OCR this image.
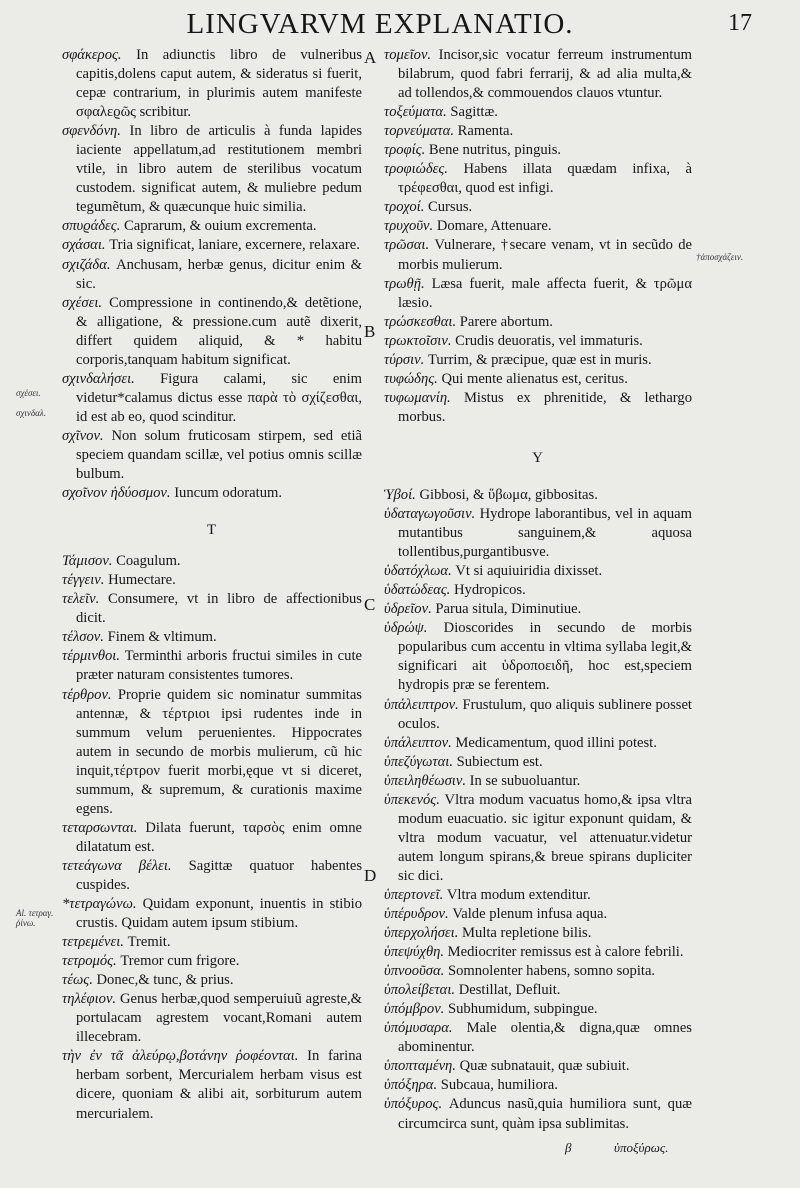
LINGVARVM EXPLANATIO.	17
A
B
C
D
σχέσει.
σχινδαλ.
Al. τετραγ. ῥίνω.
†ἀποσχάζειν.
σφάκερος. In adiunctis libro de vulneribus capitis,dolens caput autem, & sideratus si fuerit, cepæ contrarium, in plurimis autem manifeste σφαλεϱῶς scribitur.
σφενδόνη. In libro de articulis à funda lapides iaciente appellatum,ad restitutionem membri vtile, in libro autem de sterilibus vocatum custodem. significat autem, & muliebre pedum tegumẽtum, & quæcunque huic similia.
σπυϱάδες. Caprarum, & ouium excrementa.
σχάσαι. Tria significat, laniare, excernere, relaxare.
σχιζάδα. Anchusam, herbæ genus, dicitur enim & sic.
σχέσει. Compressione in continendo,& detẽtione, & alligatione, & pressione.cum autẽ dixerit, differt quidem aliquid, & * habitu corporis,tanquam habitum significat.
σχινδαλήσει. Figura calami, sic enim videtur*calamus dictus esse παρὰ τὸ σχίζεσθαι, id est ab eo, quod scinditur.
σχῖνον. Non solum fruticosam stirpem, sed etiã speciem quandam scillæ, vel potius omnis scillæ bulbum.
σχοῖνον ἡδύοσμον. Iuncum odoratum.
T
Τάμισον. Coagulum.
τέγγειν. Humectare.
τελεῖν. Consumere, vt in libro de affectionibus dicit.
τέλσον. Finem & vltimum.
τέρμινθοι. Terminthi arboris fructui similes in cute præter naturam consistentes tumores.
τέρθρον. Proprie quidem sic nominatur summitas antennæ, & τέρτριοι ipsi rudentes inde in summum velum peruenientes. Hippocrates autem in secundo de morbis mulierum, cũ hic inquit,τέρτρον fuerit morbi,ęque vt si diceret, summum, & supremum, & curationis maxime egens.
τεταρσωνται. Dilata fuerunt, ταρσὸς enim omne dilatatum est.
τετεάγωνα βέλει. Sagittæ quatuor habentes cuspides.
*τετραγώνω. Quidam exponunt, inuentis in stibio crustis. Quidam autem ipsum stibium.
τετρεμένει. Tremit.
τετρομός. Tremor cum frigore.
τέως. Donec,& tunc, & prius.
τηλέφιον. Genus herbæ,quod semperuiuũ agreste,& portulacam agrestem vocant,Romani autem illecebram.
τὴν ἐν τᾶ ἀλεύρῳ,βοτάνην ῥοφέονται. In farina herbam sorbent, Mercurialem herbam visus est dicere, quoniam & alibi ait, sorbiturum autem mercurialem.
τομεῖον. Incisor,sic vocatur ferreum instrumentum bilabrum, quod fabri ferrarij, & ad alia multa,& ad tollendos,& commouendos clauos vtuntur.
τοξεύματα. Sagittæ.
τορνεύματα. Ramenta.
τροφίς. Bene nutritus, pinguis.
τροφιώδες. Habens illata quædam infixa, à τρέφεσθαι, quod est infigi.
τροχοί. Cursus.
τρυχοῦν. Domare, Attenuare.
τρῶσαι. Vulnerare, †secare venam, vt in secũdo de morbis mulierum.
τρωθῇ. Læsa fuerit, male affecta fuerit, & τρῶμα læsio.
τρώσκεσθαι. Parere abortum.
τρωκτοῖσιν. Crudis deuoratis, vel immaturis.
τύρσιν. Turrim, & præcipue, quæ est in muris.
τυφώδης. Qui mente alienatus est, ceritus.
τυφωμανίη. Mistus ex phrenitide, & lethargo morbus.
Y
Ὑβοί. Gibbosi, & ὕβωμα, gibbositas.
ὑδαταγωγοῦσιν. Hydrope laborantibus, vel in aquam mutantibus sanguinem,& aquosa tollentibus,purgantibusve.
ὑδατόχλωα. Vt si aquiuiridia dixisset.
ὑδατώδεας. Hydropicos.
ὑδρεῖον. Parua situla, Diminutiue.
ὑδρώψ. Dioscorides in secundo de morbis popularibus cum accentu in vltima syllaba legit,& significari ait ὑδροποειδῆ, hoc est,speciem hydropis præ se ferentem.
ὑπάλειπτρον. Frustulum, quo aliquis sublinere posset oculos.
ὑπάλειπτον. Medicamentum, quod illini potest.
ὑπεζύγωται. Subiectum est.
ὑπειληθέωσιν. In se subuoluantur.
ὑπεκενός. Vltra modum vacuatus homo,& ipsa vltra modum euacuatio. sic igitur exponunt quidam, & vltra modum vacuatur, vel attenuatur.videtur autem longum spirans,& breue spirans dupliciter sic dici.
ὑπερτονεῖ. Vltra modum extenditur.
ὑπέρυδρον. Valde plenum infusa aqua.
ὑπερχολήσει. Multa repletione bilis.
ὑπεψύχθη. Mediocriter remissus est à calore febrili.
ὑπνοοῦσα. Somnolenter habens, somno sopita.
ὑπολείβεται. Destillat, Defluit.
ὑπόμβρον. Subhumidum, subpingue.
ὑπόμυσαρα. Male olentia,& digna,quæ omnes abominentur.
ὑποπταμένη. Quæ subnatauit, quæ subiuit.
ὑπόξηρα. Subcaua, humiliora.
ὑπόξυρος. Aduncus nasũ,quia humiliora sunt, quæ circumcirca sunt, quàm ipsa sublimitas.
β	ὑποξύρως.
